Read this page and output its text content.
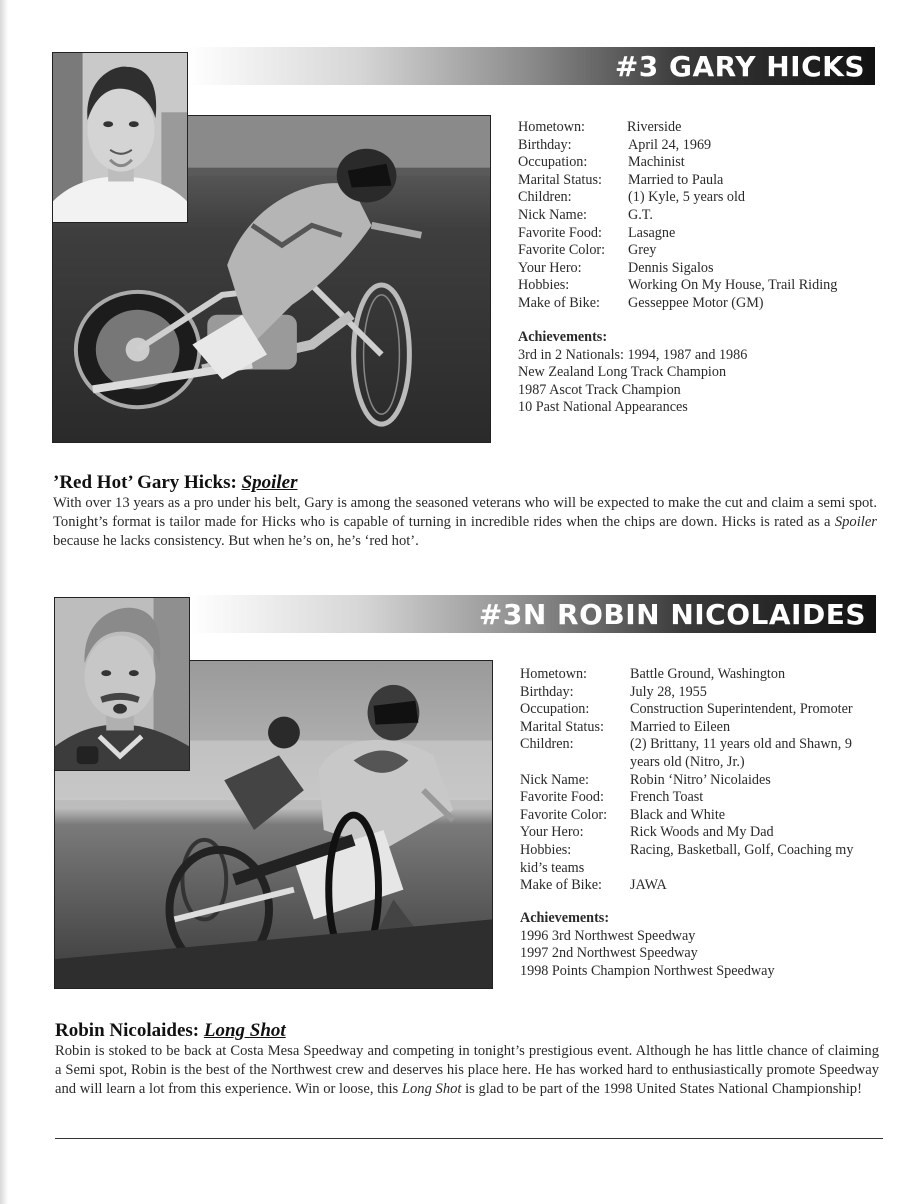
#3 GARY HICKS
Hometown:	Riverside
Birthday:	April 24, 1969
Occupation:	Machinist
Marital Status:	Married to Paula
Children:	(1) Kyle, 5 years old
Nick Name:	G.T.
Favorite Food:	Lasagne
Favorite Color:	Grey
Your Hero:	Dennis Sigalos
Hobbies:	Working On My House, Trail Riding
Make of Bike:	Gesseppee Motor (GM)
Achievements:
3rd in 2 Nationals: 1994, 1987 and 1986
New Zealand Long Track Champion
1987 Ascot Track Champion
10 Past National Appearances
’Red Hot’ Gary Hicks: Spoiler
With over 13 years as a pro under his belt, Gary is among the seasoned veterans who will be expected to make the cut and claim a semi spot. Tonight’s format is tailor made for Hicks who is capable of turning in incredible rides when the chips are down. Hicks is rated as a Spoiler because he lacks consistency. But when he’s on, he’s ‘red hot’.
#3N ROBIN NICOLAIDES
Hometown:	Battle Ground, Washington
Birthday:	July 28, 1955
Occupation:	Construction Superintendent, Promoter
Marital Status:	Married to Eileen
Children:	(2) Brittany, 11 years old and Shawn, 9 years old (Nitro, Jr.)
Nick Name:	Robin ‘Nitro’ Nicolaides
Favorite Food:	French Toast
Favorite Color:	Black and White
Your Hero:	Rick Woods and My Dad
Hobbies:	Racing, Basketball, Golf, Coaching my
kid’s teams
Make of Bike:	JAWA
Achievements:
1996 3rd Northwest Speedway
1997 2nd Northwest Speedway
1998 Points Champion Northwest Speedway
Robin Nicolaides: Long Shot
Robin is stoked to be back at Costa Mesa Speedway and competing in tonight’s prestigious event. Although he has little chance of claiming a Semi spot, Robin is the best of the Northwest crew and deserves his place here. He has worked hard to enthusiastically promote Speedway and will learn a lot from this experience. Win or loose, this Long Shot is glad to be part of the 1998 United States National Championship!
